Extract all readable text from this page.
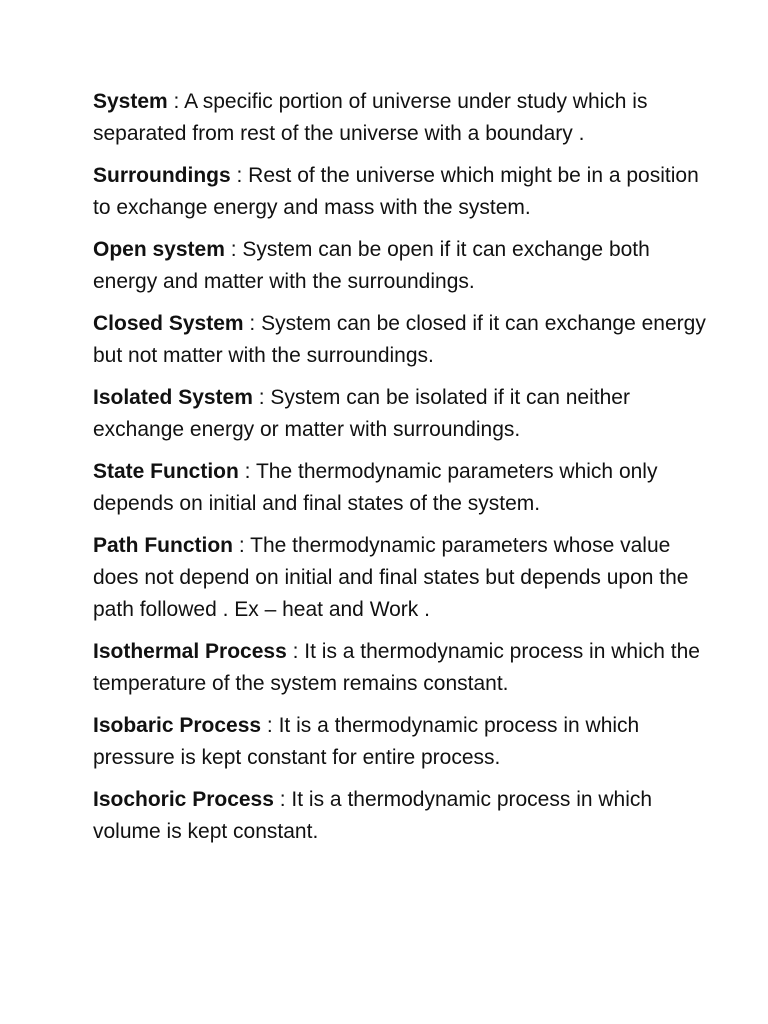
System : A specific portion of universe under study which is separated from rest of the universe with a boundary .

Surroundings : Rest of the universe which might be in a position to exchange energy and mass with the system.

Open system : System can be open if it can exchange both energy and matter with the surroundings.

Closed System : System can be closed if it can exchange energy but not matter with the surroundings.

Isolated System : System can be isolated if it can neither exchange energy or matter with surroundings.

State Function : The thermodynamic parameters which only depends on initial and final states of the system.

Path Function : The thermodynamic parameters whose value does not depend on initial and final states but depends upon the path followed . Ex – heat and Work .

Isothermal Process : It is a thermodynamic process in which the temperature of the system remains constant.

Isobaric Process : It is a thermodynamic process in which pressure is kept constant for entire process.

Isochoric Process : It is a thermodynamic process in which volume is kept constant.
